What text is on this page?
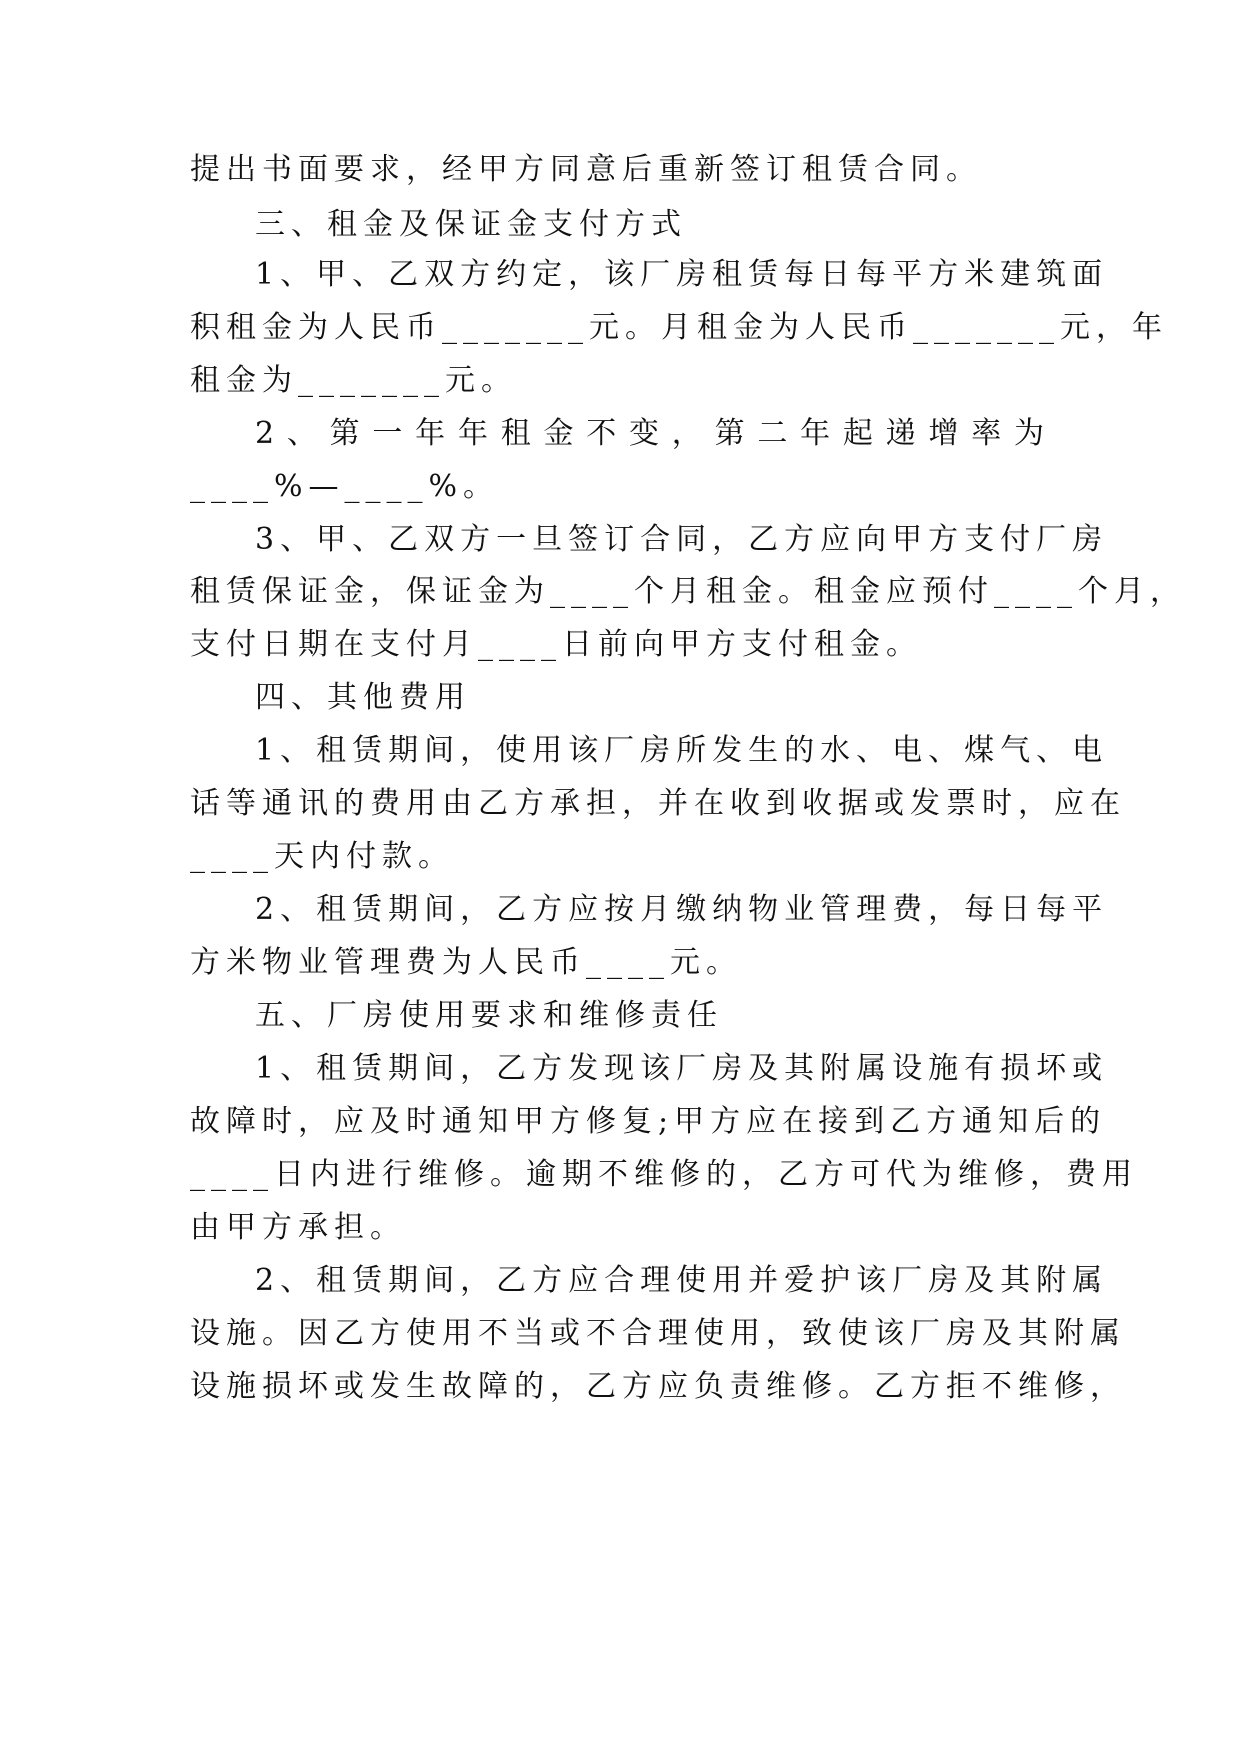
提出书面要求，经甲方同意后重新签订租赁合同。
三、租金及保证金支付方式
1、甲、乙双方约定，该厂房租赁每日每平方米建筑面
积租金为人民币_______元。月租金为人民币_______元，年
租金为_______元。
2、第一年年租金不变，第二年起递增率为
____%—____%。
3、甲、乙双方一旦签订合同，乙方应向甲方支付厂房
租赁保证金，保证金为____个月租金。租金应预付____个月，
支付日期在支付月____日前向甲方支付租金。
四、其他费用
1、租赁期间，使用该厂房所发生的水、电、煤气、电
话等通讯的费用由乙方承担，并在收到收据或发票时，应在
____天内付款。
2、租赁期间，乙方应按月缴纳物业管理费，每日每平
方米物业管理费为人民币____元。
五、厂房使用要求和维修责任
1、租赁期间，乙方发现该厂房及其附属设施有损坏或
故障时，应及时通知甲方修复;甲方应在接到乙方通知后的
____日内进行维修。逾期不维修的，乙方可代为维修，费用
由甲方承担。
2、租赁期间，乙方应合理使用并爱护该厂房及其附属
设施。因乙方使用不当或不合理使用，致使该厂房及其附属
设施损坏或发生故障的，乙方应负责维修。乙方拒不维修，
